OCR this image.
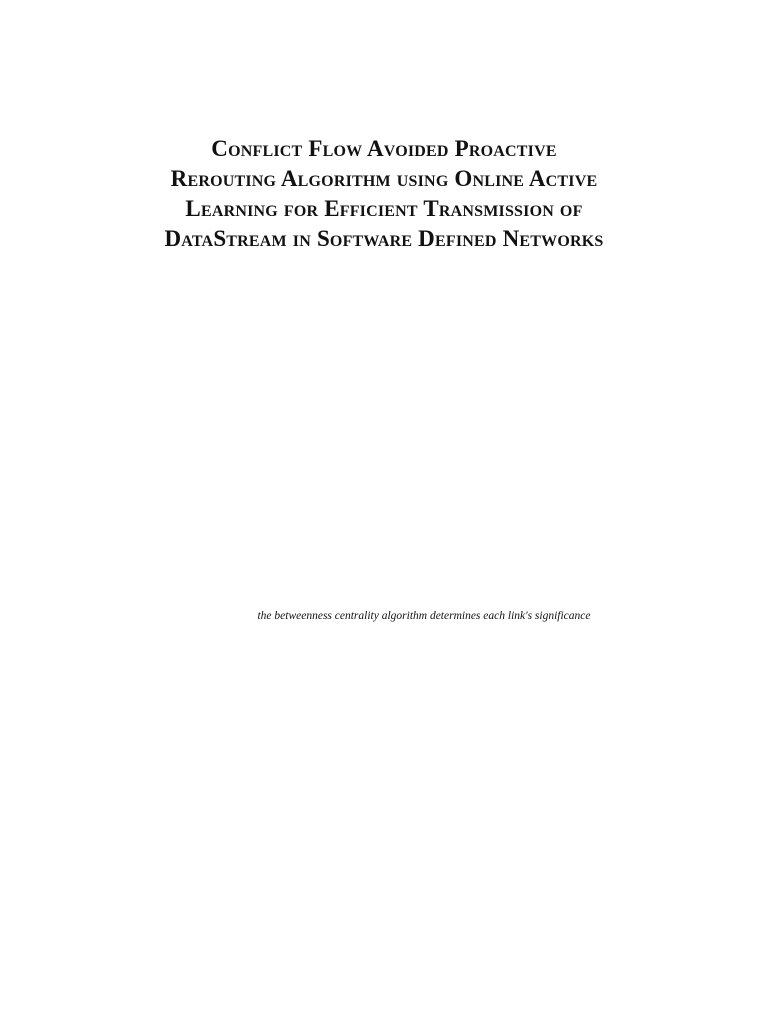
Conflict Flow Avoided Proactive
Rerouting Algorithm using Online Active
Learning for Efficient Transmission of
DataStream in Software Defined Networks

the betweenness centrality algorithm determines each link's significance
